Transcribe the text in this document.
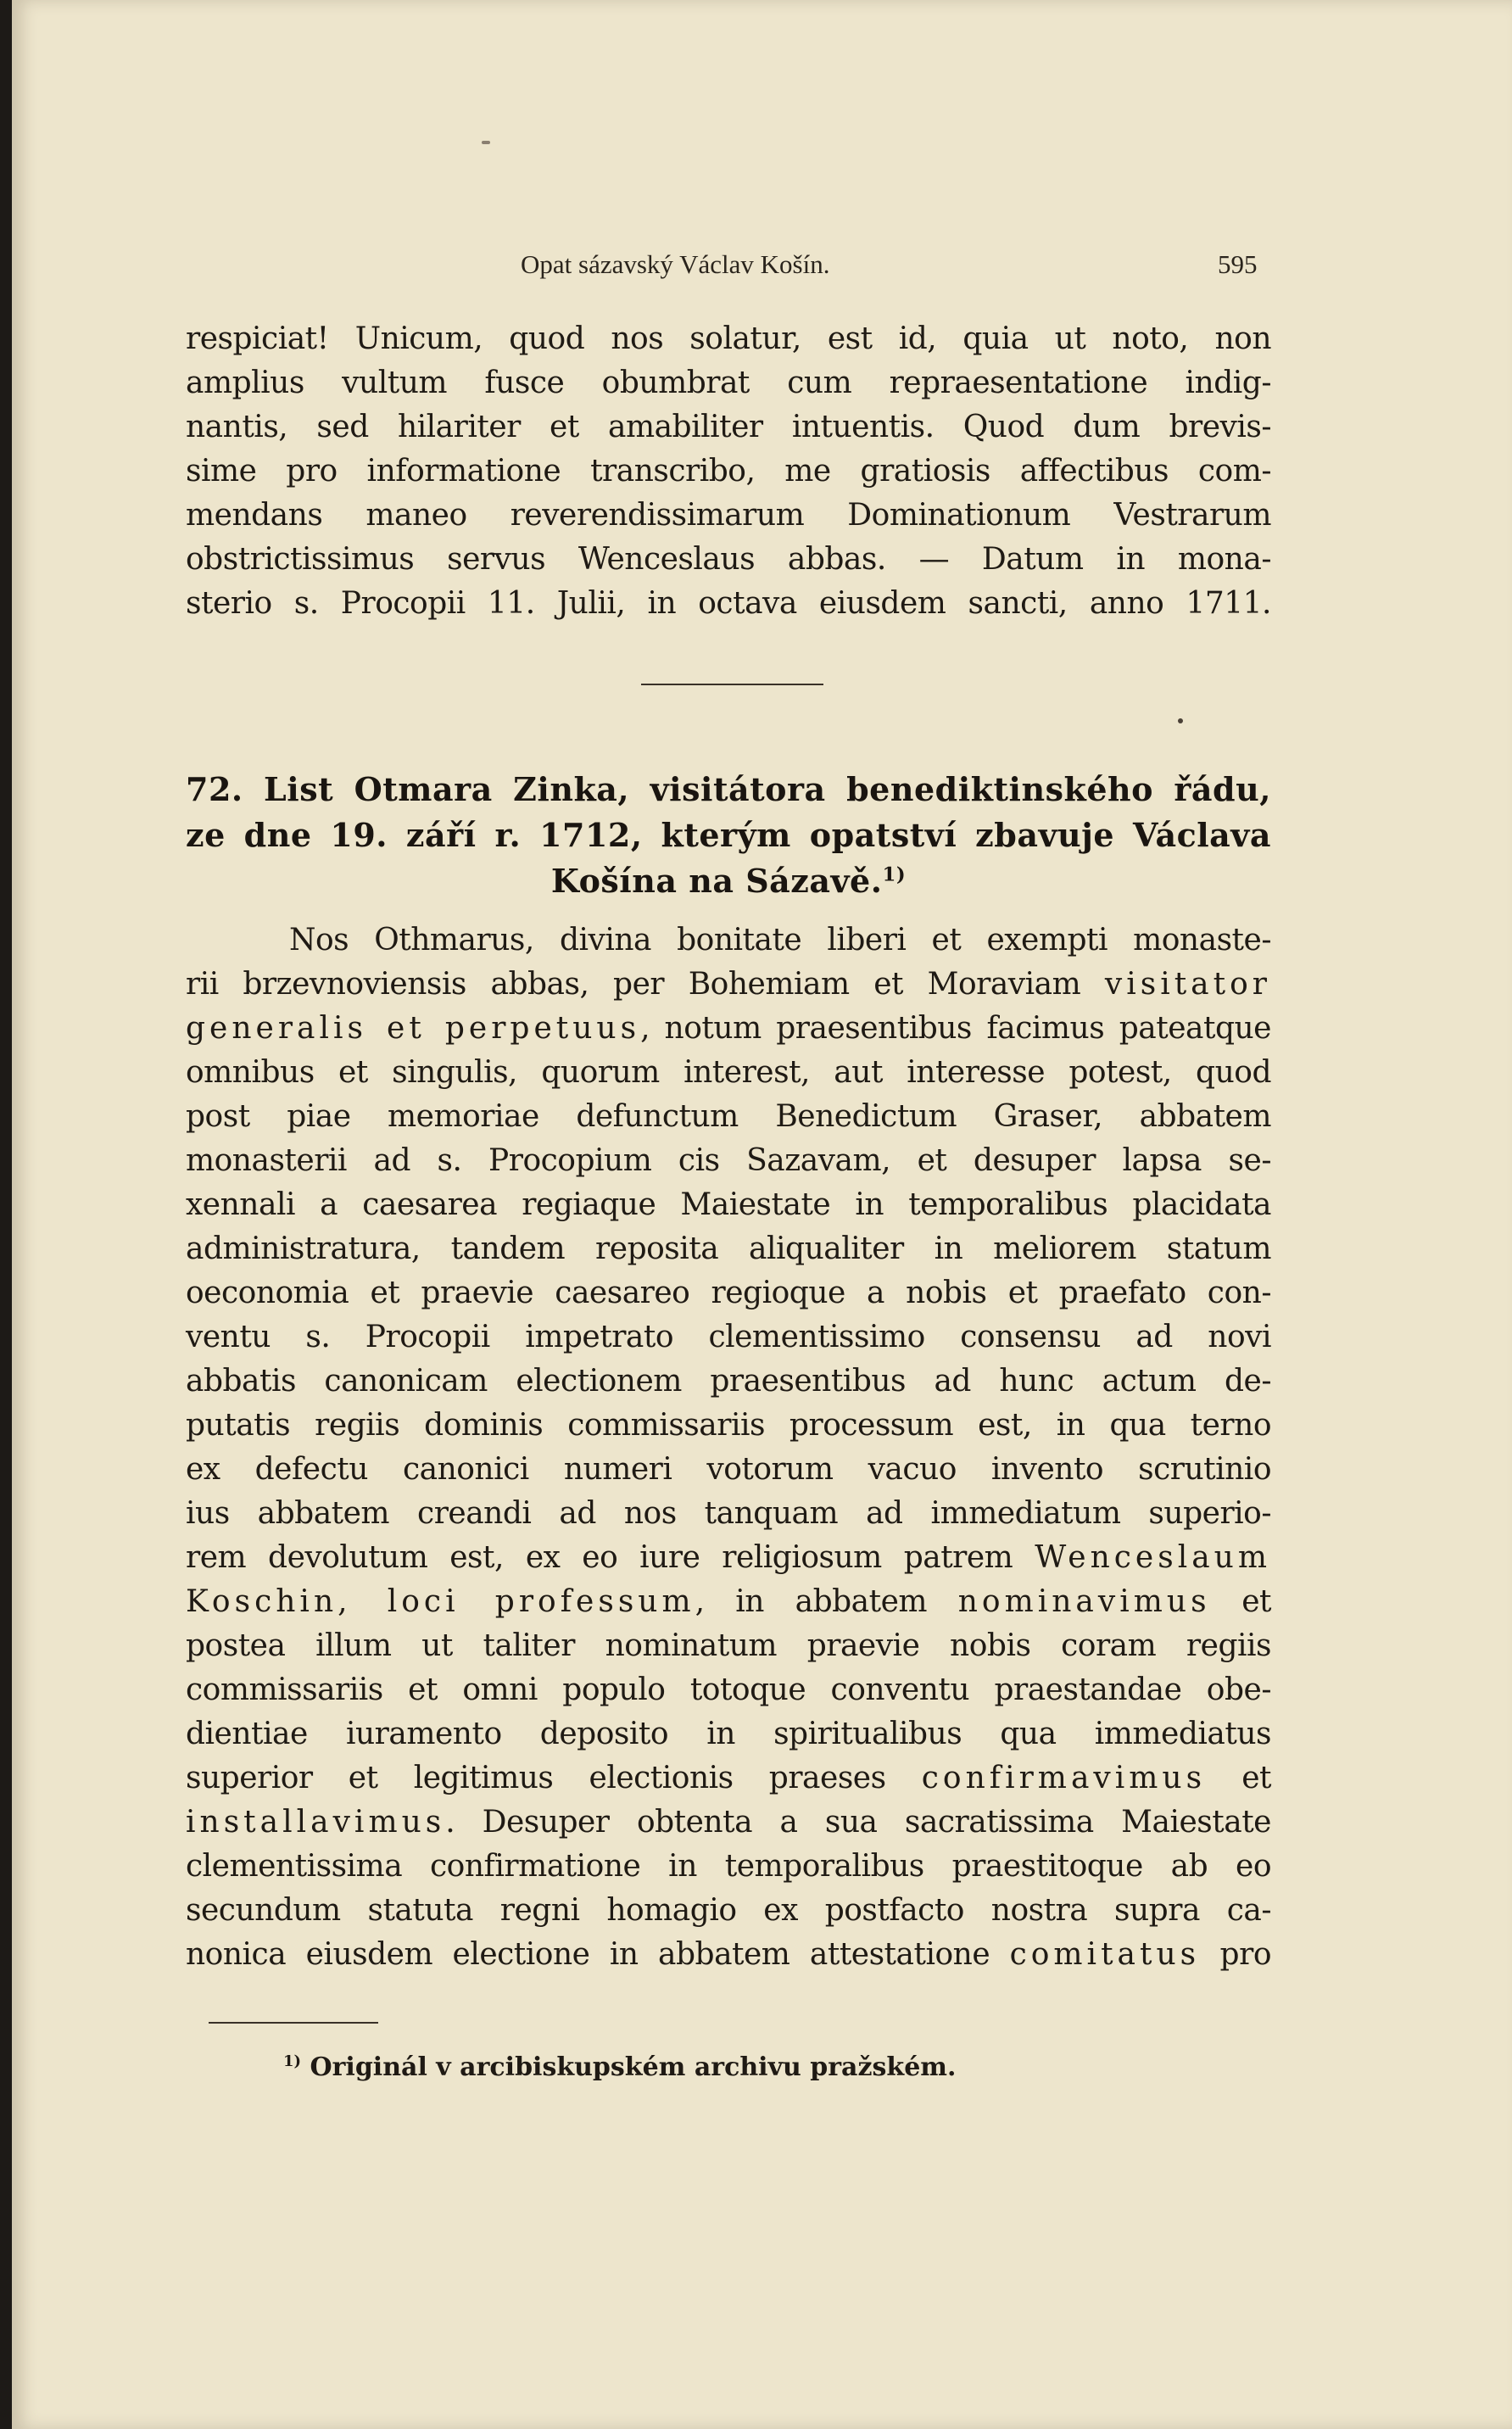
Opat sázavský Václav Košín.	595
respiciat! Unicum, quod nos solatur, est id, quia ut noto, non
amplius vultum fusce obumbrat cum repraesentatione indig-
nantis, sed hilariter et amabiliter intuentis. Quod dum brevis-
sime pro informatione transcribo, me gratiosis affectibus com-
mendans maneo reverendissimarum Dominationum Vestrarum
obstrictissimus servus Wenceslaus abbas. — Datum in mona-
sterio s. Procopii 11. Julii, in octava eiusdem sancti, anno 1711.
72. List Otmara Zinka, visitátora benediktinského řádu,
ze dne 19. září r. 1712, kterým opatství zbavuje Václava
Košína na Sázavě.$^{1)}$
Nos Othmarus, divina bonitate liberi et exempti monaste-
rii brzevnoviensis abbas, per Bohemiam et Moraviam visitator
generalis et perpetuus, notum praesentibus facimus pateatque
omnibus et singulis, quorum interest, aut interesse potest, quod
post piae memoriae defunctum Benedictum Graser, abbatem
monasterii ad s. Procopium cis Sazavam, et desuper lapsa se-
xennali a caesarea regiaque Maiestate in temporalibus placidata
administratura, tandem reposita aliqualiter in meliorem statum
oeconomia et praevie caesareo regioque a nobis et praefato con-
ventu s. Procopii impetrato clementissimo consensu ad novi
abbatis canonicam electionem praesentibus ad hunc actum de-
putatis regiis dominis commissariis processum est, in qua terno
ex defectu canonici numeri votorum vacuo invento scrutinio
ius abbatem creandi ad nos tanquam ad immediatum superio-
rem devolutum est, ex eo iure religiosum patrem Wenceslaum
Koschin, loci professum, in abbatem nominavimus et
postea illum ut taliter nominatum praevie nobis coram regiis
commissariis et omni populo totoque conventu praestandae obe-
dientiae iuramento deposito in spiritualibus qua immediatus
superior et legitimus electionis praeses confirmavimus et
installavimus. Desuper obtenta a sua sacratissima Maiestate
clementissima confirmatione in temporalibus praestitoque ab eo
secundum statuta regni homagio ex postfacto nostra supra ca-
nonica eiusdem electione in abbatem attestatione comitatus pro
$^{1)}$ Originál v arcibiskupském archivu pražském.
